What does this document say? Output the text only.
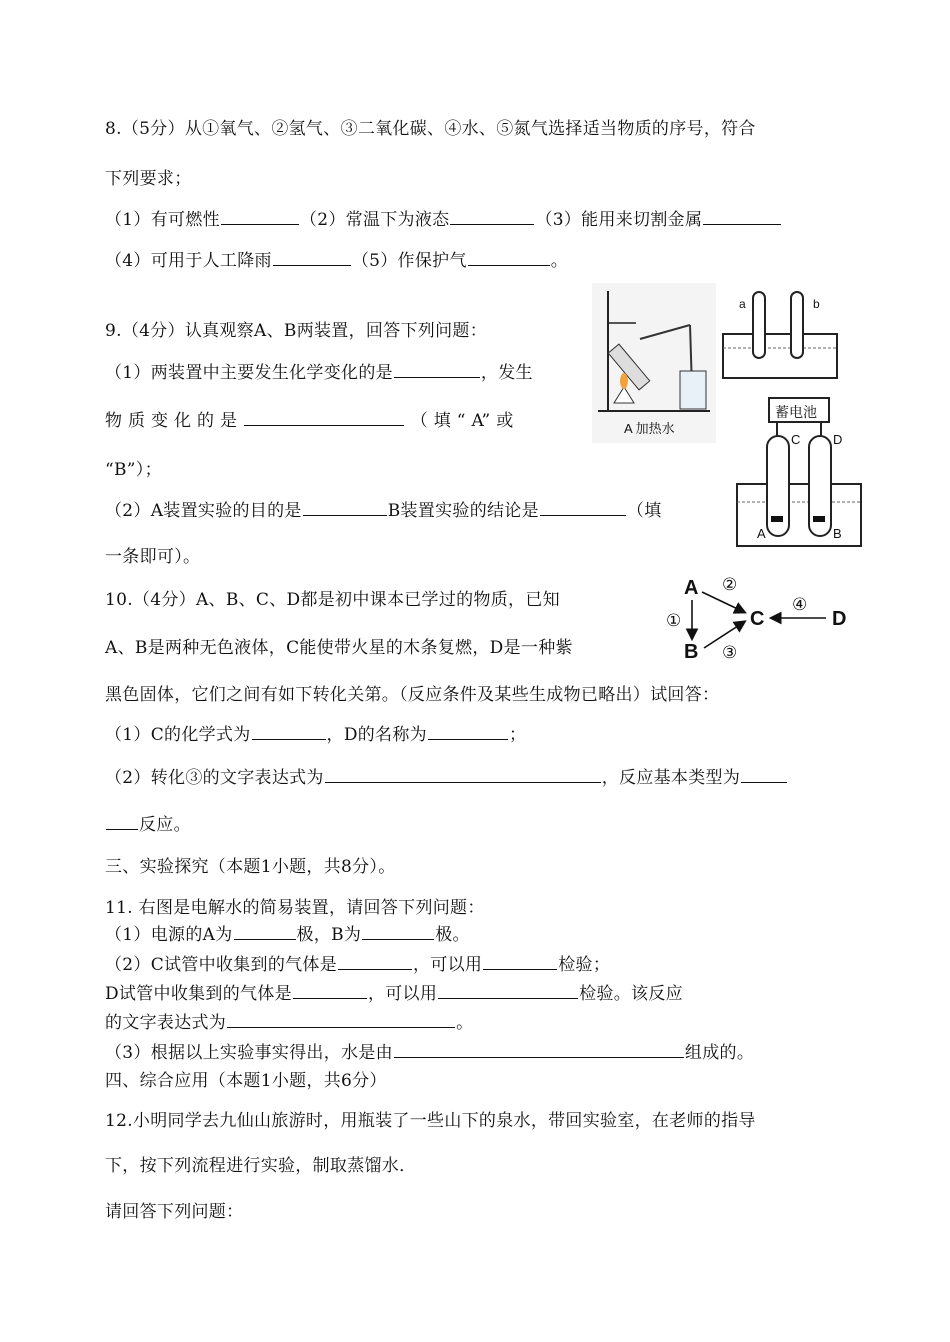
8.（5分）从①氧气、②氢气、③二氧化碳、④水、⑤氮气选择适当物质的序号，符合
下列要求；
（1）有可燃性	（2）常温下为液态	（3）能用来切割金属
（4）可用于人工降雨	（5）作保护气	。
9.（4分）认真观察A、B两装置，回答下列问题：
（1）两装置中主要发生化学变化的是	，发生
物 质 变 化 的 是	（ 填 “ A” 或
“B”）；
（2）A装置实验的目的是	B装置实验的结论是	（填
一条即可）。
A 加热水
a	b
蓄电池
C	D
A	B
10.（4分）A、B、C、D都是初中课本已学过的物质，已知
A、B是两种无色液体，C能使带火星的木条复燃，D是一种紫
黑色固体，它们之间有如下转化关第。（反应条件及某些生成物已略出）试回答：
（1）C的化学式为	，D的名称为	；
（2）转化③的文字表达式为	，反应基本类型为
反应。
A
B
C	D
①
②
③
④
三、实验探究（本题1小题，共8分）。
11. 右图是电解水的简易装置，请回答下列问题：
（1）电源的A为	极，B为	极。
（2）C试管中收集到的气体是	，可以用	检验；
D试管中收集到的气体是	，可以用	检验。该反应
的文字表达式为	。
（3）根据以上实验事实得出，水是由	组成的。
四、综合应用（本题1小题，共6分）
12.小明同学去九仙山旅游时，用瓶装了一些山下的泉水，带回实验室，在老师的指导
下，按下列流程进行实验，制取蒸馏水．
请回答下列问题：
